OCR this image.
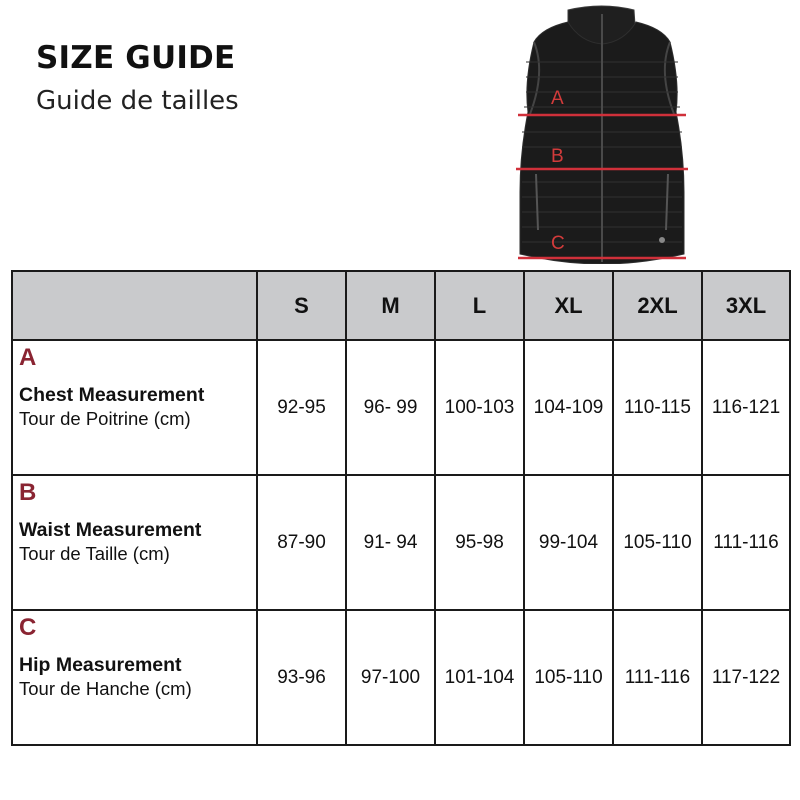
SIZE GUIDE
Guide de tailles	A
B
C
	S	M	L	XL	2XL	3XL

A
Chest Measurement
Tour de Poitrine (cm)	92-95	96- 99	100-103	104-109	110-115	116-121

B
Waist Measurement
Tour de Taille (cm)	87-90	91- 94	95-98	99-104	105-110	111-116

C
Hip Measurement
Tour de Hanche (cm)	93-96	97-100	101-104	105-110	111-116	117-122
